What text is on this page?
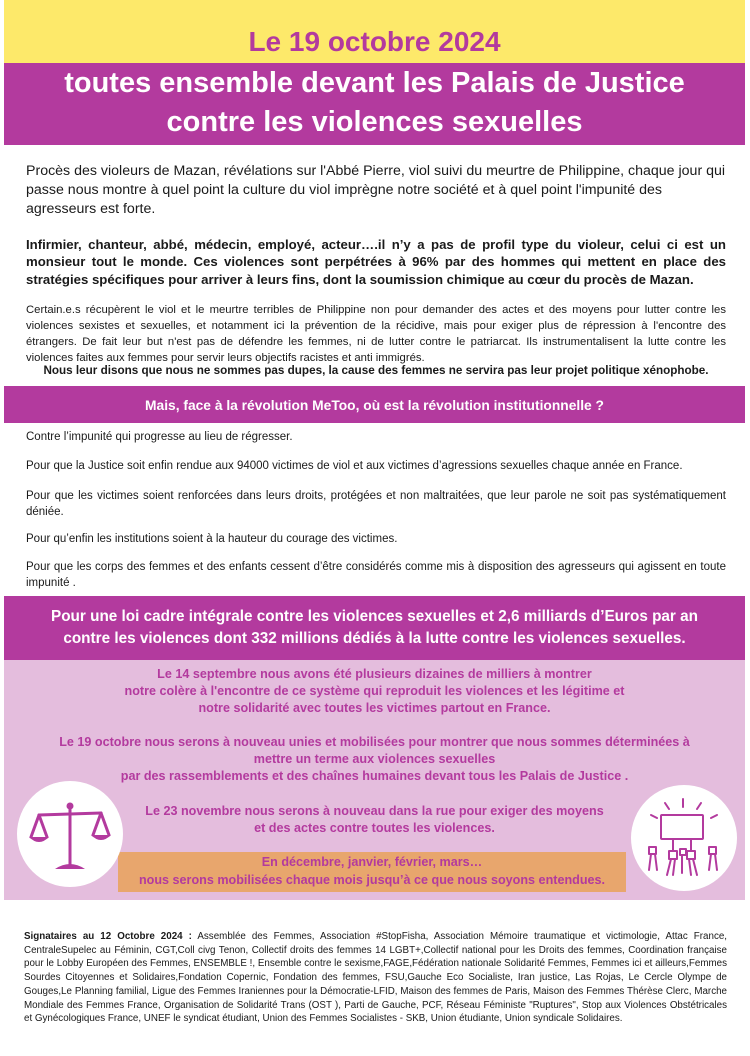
Le 19 octobre 2024
toutes ensemble devant les Palais de Justice
contre les violences sexuelles
Procès des violeurs de Mazan, révélations sur l'Abbé Pierre, viol suivi du meurtre de Philippine, chaque jour qui passe nous montre à quel point la culture du viol imprègne notre société et à quel point l'impunité des agresseurs est forte.
Infirmier, chanteur, abbé, médecin, employé, acteur….il n’y a pas de profil type du violeur, celui ci est un monsieur tout le monde. Ces violences sont perpétrées à 96% par des hommes qui mettent en place des stratégies spécifiques pour arriver à leurs fins, dont la soumission chimique au cœur du procès de Mazan.
Certain.e.s récupèrent le viol et le meurtre terribles de Philippine non pour demander des actes et des moyens pour lutter contre les violences sexistes et sexuelles, et notamment ici la prévention de la récidive, mais pour exiger plus de répression à l'encontre des étrangers. De fait leur but n'est pas de défendre les femmes, ni de lutter contre le patriarcat. Ils instrumentalisent la lutte contre les violences faites aux femmes pour servir leurs objectifs racistes et anti immigrés.
Nous leur disons que nous ne sommes pas dupes, la cause des femmes ne servira pas leur projet politique xénophobe.
Mais, face à la révolution MeToo, où est la révolution institutionnelle ?
Contre l’impunité qui progresse au lieu de régresser.
Pour que la Justice soit enfin rendue aux 94000 victimes de viol et aux victimes d’agressions sexuelles chaque année en France.
Pour que les victimes soient renforcées dans leurs droits, protégées et non maltraitées, que leur parole ne soit pas systématiquement déniée.
Pour qu’enfin les institutions soient à la hauteur du courage des victimes.
Pour que les corps des femmes et des enfants cessent d’être considérés comme mis à disposition des agresseurs qui agissent en toute impunité .
Pour une loi cadre intégrale contre les violences sexuelles et 2,6 milliards d’Euros par an
contre les violences dont 332 millions dédiés à la lutte contre les violences sexuelles.
Le 14 septembre nous avons été plusieurs dizaines de milliers à montrer
notre colère à l'encontre de ce système qui reproduit les violences et les légitime et
notre solidarité avec toutes les victimes partout en France.
Le 19 octobre nous serons à nouveau unies et mobilisées pour montrer que nous sommes déterminées à
mettre un terme aux violences sexuelles
par des rassemblements et des chaînes humaines devant tous les Palais de Justice .
Le 23 novembre nous serons à nouveau dans la rue pour exiger des moyens
et des actes contre toutes les violences.
En décembre, janvier, février, mars…
nous serons mobilisées chaque mois jusqu’à ce que nous soyons entendues.
Signataires au 12 Octobre 2024 : Assemblée des Femmes, Association #StopFisha, Association Mémoire traumatique et victimologie, Attac France, CentraleSupelec au Féminin, CGT,Coll civg Tenon, Collectif droits des femmes 14 LGBT+,Collectif national pour les Droits des femmes, Coordination française pour le Lobby Européen des Femmes, ENSEMBLE !, Ensemble contre le sexisme,FAGE,Fédération nationale Solidarité Femmes, Femmes ici et ailleurs,Femmes Sourdes Citoyennes et Solidaires,Fondation Copernic, Fondation des femmes, FSU,Gauche Eco Socialiste, Iran justice, Las Rojas, Le Cercle Olympe de Gouges,Le Planning familial, Ligue des Femmes Iraniennes pour la Démocratie-LFID, Maison des femmes de Paris, Maison des Femmes Thérèse Clerc, Marche Mondiale des Femmes France, Organisation de Solidarité Trans (OST ), Parti de Gauche, PCF, Réseau Féministe "Ruptures", Stop aux Violences Obstétricales et Gynécologiques France, UNEF le syndicat étudiant, Union des Femmes Socialistes - SKB, Union étudiante, Union syndicale Solidaires.
